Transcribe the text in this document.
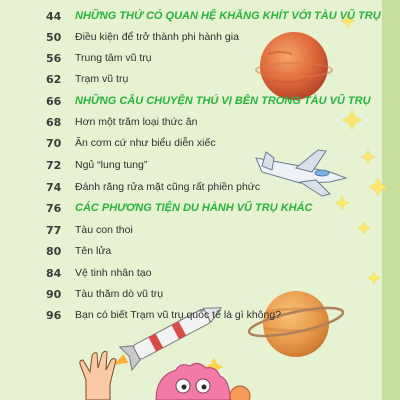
44	NHỮNG THỨ CÓ QUAN HỆ KHĂNG KHÍT VỚI TÀU VŨ TRỤ
50	Điều kiện để trở thành phi hành gia
56	Trung tâm vũ trụ
62	Trạm vũ trụ
66	NHỮNG CÂU CHUYỆN THÚ VỊ BÊN TRONG TÀU VŨ TRỤ
68	Hơn một trăm loại thức ăn
70	Ăn cơm cứ như biểu diễn xiếc
72	Ngủ “lung tung”
74	Đánh răng rửa mặt cũng rất phiền phức
76	CÁC PHƯƠNG TIỆN DU HÀNH VŨ TRỤ KHÁC
77	Tàu con thoi
80	Tên lửa
84	Vệ tinh nhân tạo
90	Tàu thăm dò vũ trụ
96	Bạn có biết Trạm vũ trụ quốc tế là gì không?
